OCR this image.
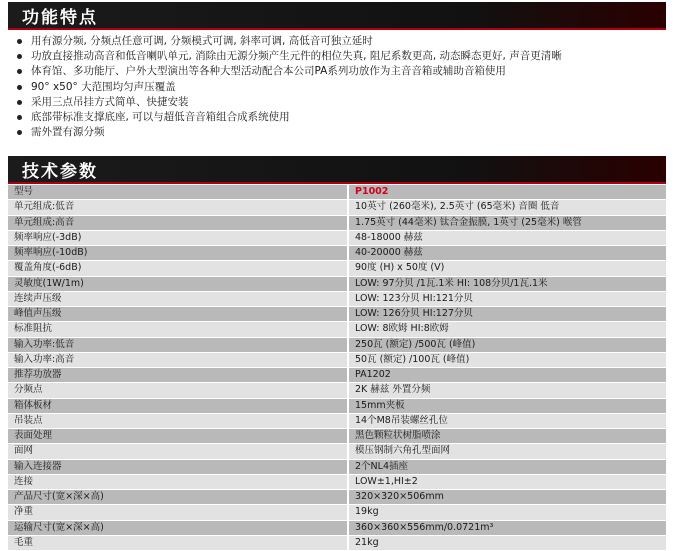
功能特点
用有源分频, 分频点任意可调, 分频模式可调, 斜率可调, 高低音可独立延时
功放直接推动高音和低音喇叭单元, 消除由无源分频产生元件的相位失真, 阻尼系数更高, 动态瞬态更好, 声音更清晰
体育馆、多功能厅、户外大型演出等各种大型活动配合本公司PA系列功放作为主音音箱或辅助音箱使用
90° x50° 大范围均匀声压覆盖
采用三点吊挂方式简单、快捷安装
底部带标准支撑底座, 可以与超低音音箱组合成系统使用
需外置有源分频
技术参数
型号	P1002
单元组成:低音	10英寸 (260毫米), 2.5英寸 (65毫米) 音圈 低音
单元组成:高音	1.75英寸 (44毫米) 钛合金振膜, 1英寸 (25毫米) 喉管
频率响应(-3dB)	48-18000 赫兹
频率响应(-10dB)	40-20000 赫兹
覆盖角度(-6dB)	90度 (H) x 50度 (V)
灵敏度(1W/1m)	LOW: 97分贝 /1瓦.1米 HI: 108分贝/1瓦.1米
连续声压级	LOW: 123分贝 HI:121分贝
峰值声压级	LOW: 126分贝 HI:127分贝
标准阻抗	LOW: 8欧姆 HI:8欧姆
输入功率:低音	250瓦 (额定) /500瓦 (峰值)
输入功率:高音	50瓦 (额定) /100瓦 (峰值)
推荐功放器	PA1202
分频点	2K 赫兹 外置分频
箱体板材	15mm夹板
吊装点	14个M8吊装螺丝孔位
表面处理	黑色颗粒状树脂喷涂
面网	模压钢制六角孔型面网
输入连接器	2个NL4插座
连接	LOW±1,HI±2
产品尺寸(宽×深×高)	320×320×506mm
净重	19kg
运输尺寸(宽×深×高)	360×360×556mm/0.0721m³
毛重	21kg
